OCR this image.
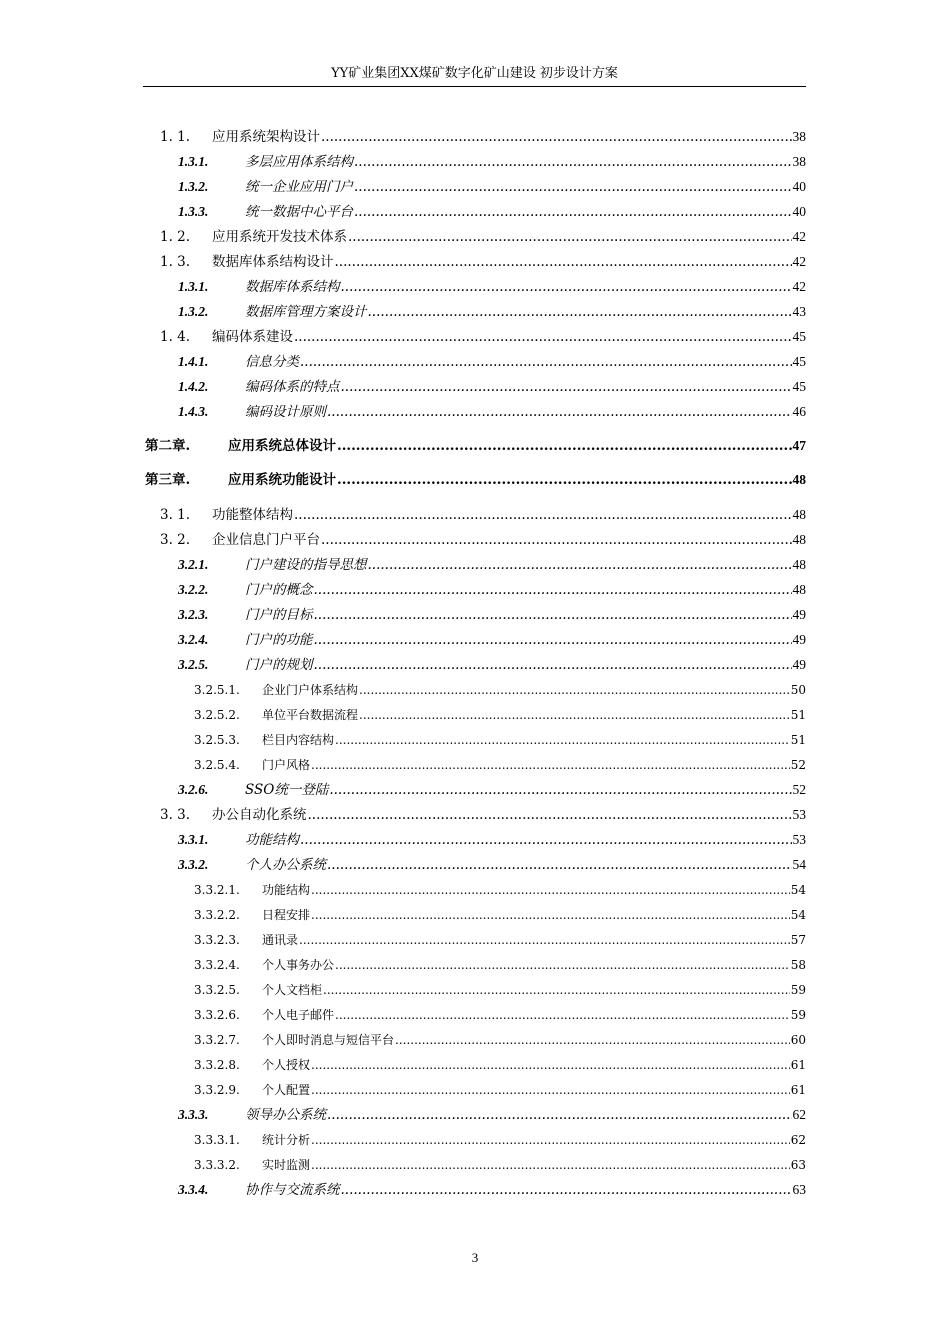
YY矿业集团XX煤矿数字化矿山建设 初步设计方案
1. 1.	应用系统架构设计 .....	38
1.3.1.	多层应用体系结构 .....	38
1.3.2.	统一企业应用门户 .....	40
1.3.3.	统一数据中心平台 .....	40
1. 2.	应用系统开发技术体系 .....	42
1. 3.	数据库体系结构设计 .....	42
1.3.1.	数据库体系结构 .....	42
1.3.2.	数据库管理方案设计 .....	43
1. 4.	编码体系建设 .....	45
1.4.1.	信息分类 .....	45
1.4.2.	编码体系的特点 .....	45
1.4.3.	编码设计原则 .....	46
第二章.	应用系统总体设计 .....	47
第三章.	应用系统功能设计 .....	48
3. 1.	功能整体结构 .....	48
3. 2.	企业信息门户平台 .....	48
3.2.1.	门户建设的指导思想 .....	48
3.2.2.	门户的概念 .....	48
3.2.3.	门户的目标 .....	49
3.2.4.	门户的功能 .....	49
3.2.5.	门户的规划 .....	49
3.2.5.1.	企业门户体系结构 .....	50
3.2.5.2.	单位平台数据流程 .....	51
3.2.5.3.	栏目内容结构 .....	51
3.2.5.4.	门户风格 .....	52
3.2.6.	SSO统一登陆 .....	52
3. 3.	办公自动化系统 .....	53
3.3.1.	功能结构 .....	53
3.3.2.	个人办公系统 .....	54
3.3.2.1.	功能结构 .....	54
3.3.2.2.	日程安排 .....	54
3.3.2.3.	通讯录 .....	57
3.3.2.4.	个人事务办公 .....	58
3.3.2.5.	个人文档柜 .....	59
3.3.2.6.	个人电子邮件 .....	59
3.3.2.7.	个人即时消息与短信平台 .....	60
3.3.2.8.	个人授权 .....	61
3.3.2.9.	个人配置 .....	61
3.3.3.	领导办公系统 .....	62
3.3.3.1.	统计分析 .....	62
3.3.3.2.	实时监测 .....	63
3.3.4.	协作与交流系统 .....	63
3
